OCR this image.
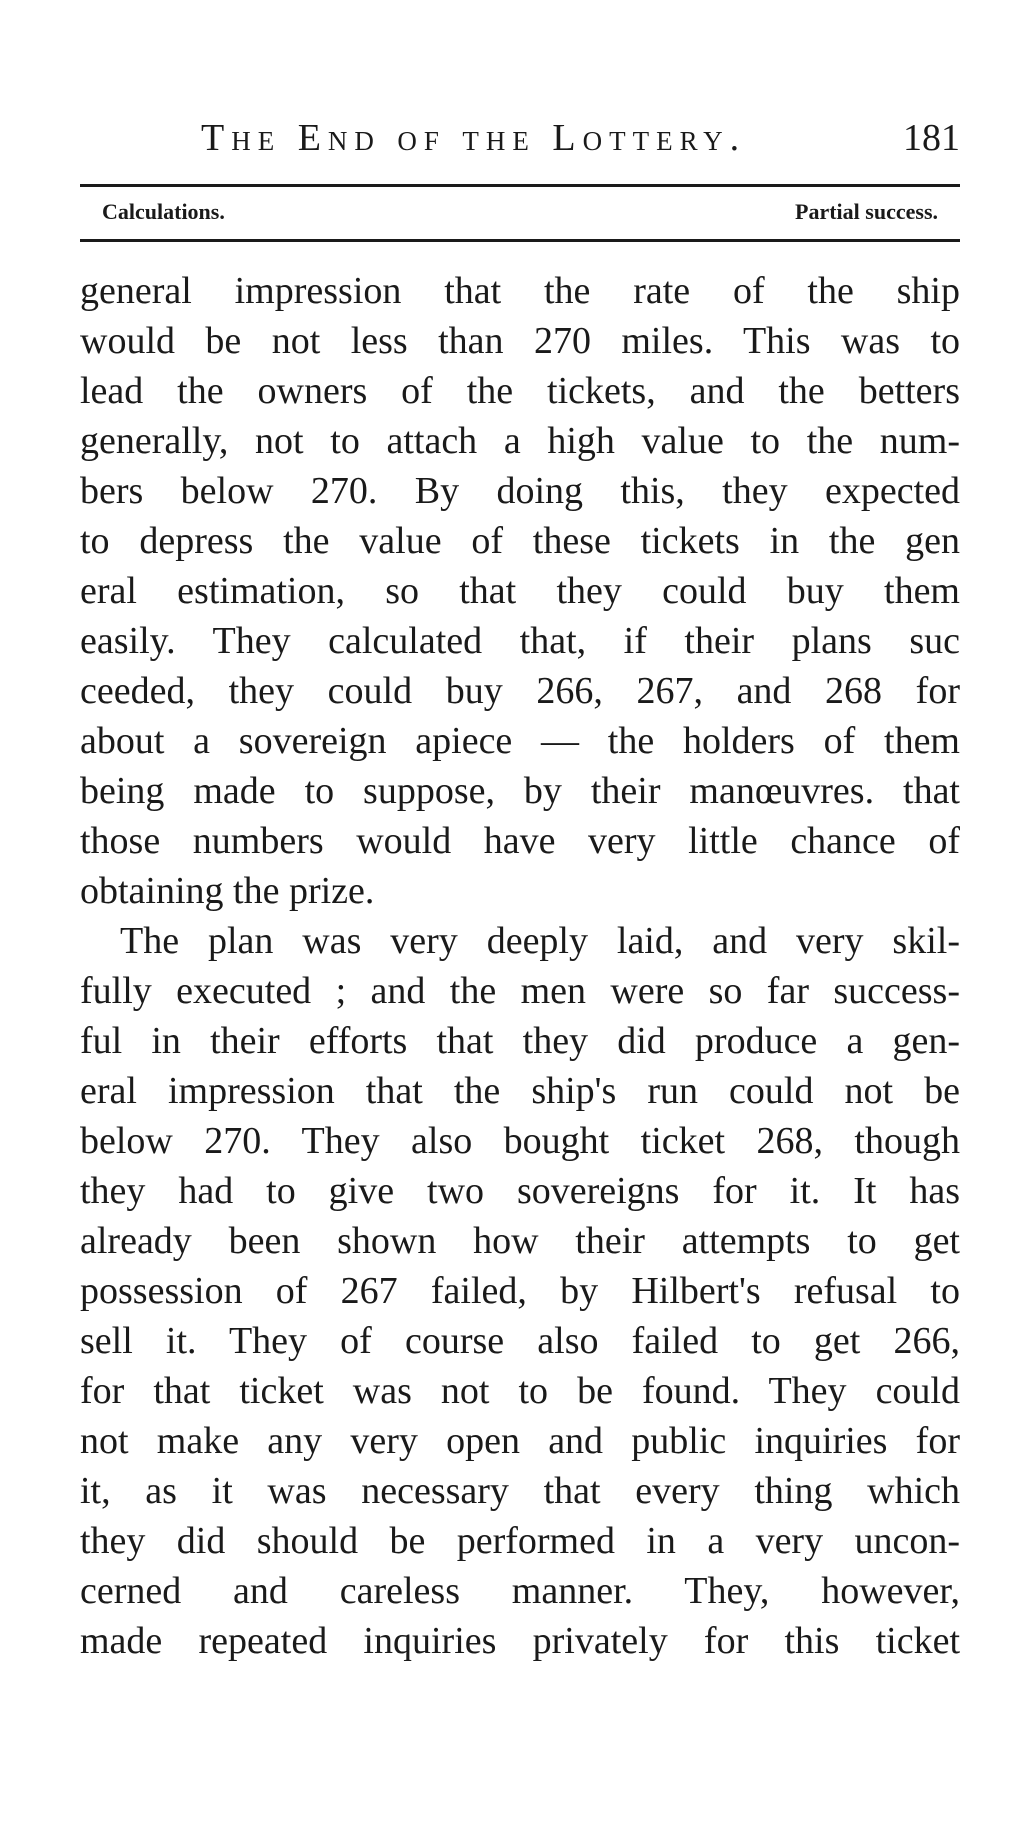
The End of the Lottery.	181
Calculations.	Partial success.
general impression that the rate of the ship
would be not less than 270 miles. This was to
lead the owners of the tickets, and the betters
generally, not to attach a high value to the num-
bers below 270. By doing this, they expected
to depress the value of these tickets in the gen
eral estimation, so that they could buy them
easily. They calculated that, if their plans suc
ceeded, they could buy 266, 267, and 268 for
about a sovereign apiece — the holders of them
being made to suppose, by their manœuvres. that
those numbers would have very little chance of
obtaining the prize.
The plan was very deeply laid, and very skil-
fully executed ; and the men were so far success-
ful in their efforts that they did produce a gen-
eral impression that the ship's run could not be
below 270. They also bought ticket 268, though
they had to give two sovereigns for it. It has
already been shown how their attempts to get
possession of 267 failed, by Hilbert's refusal to
sell it. They of course also failed to get 266,
for that ticket was not to be found. They could
not make any very open and public inquiries for
it, as it was necessary that every thing which
they did should be performed in a very uncon-
cerned and careless manner. They, however,
made repeated inquiries privately for this ticket
